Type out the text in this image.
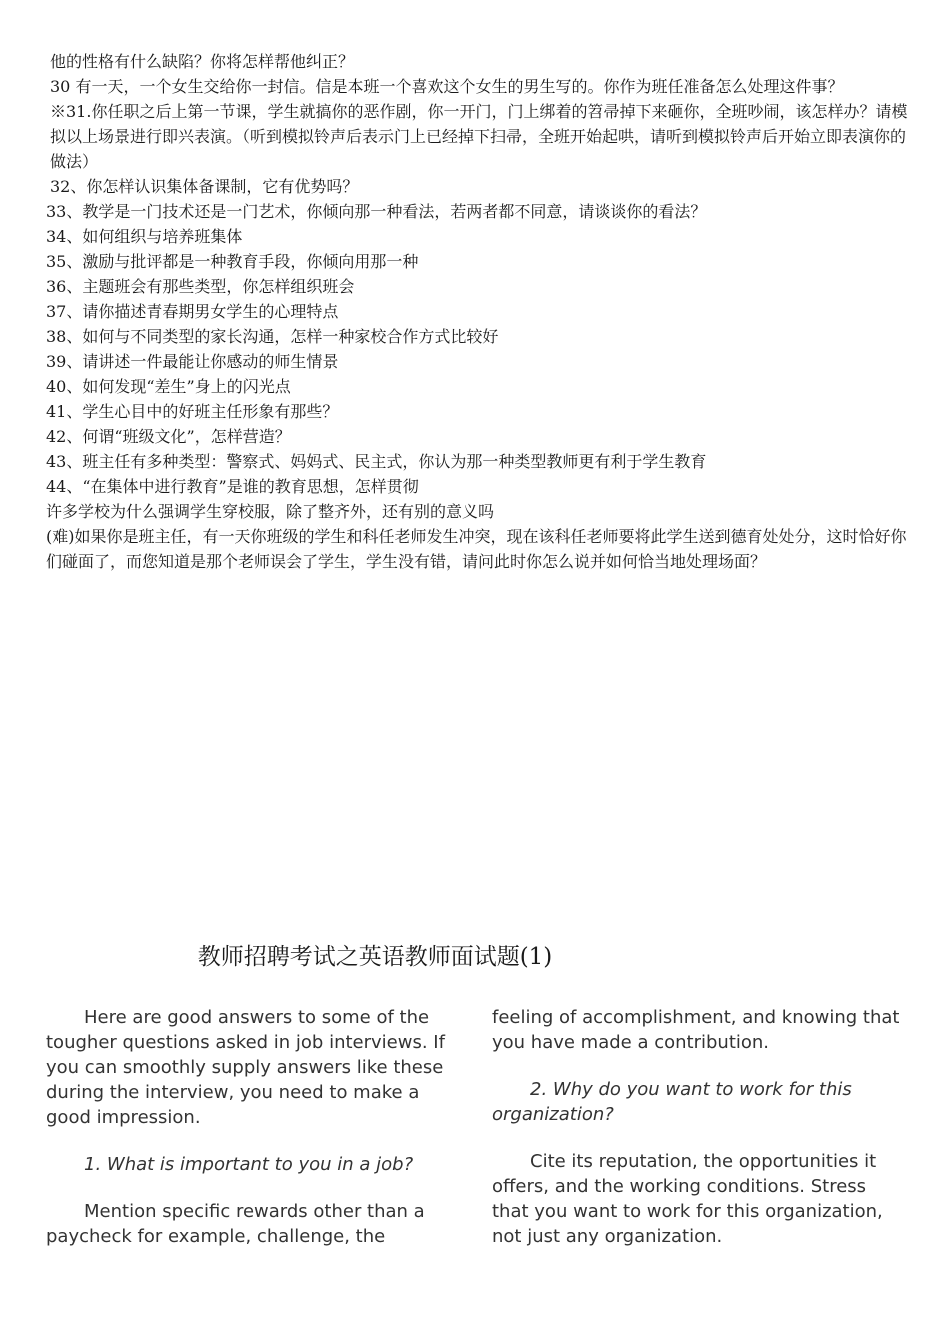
他的性格有什么缺陷？你将怎样帮他纠正？

30 有一天，一个女生交给你一封信。信是本班一个喜欢这个女生的男生写的。你作为班任准备怎么处理这件事？

※31.你任职之后上第一节课，学生就搞你的恶作剧，你一开门，门上绑着的笤帚掉下来砸你，全班吵闹，该怎样办？请模拟以上场景进行即兴表演。（听到模拟铃声后表示门上已经掉下扫帚，全班开始起哄，请听到模拟铃声后开始立即表演你的做法）

32、你怎样认识集体备课制，它有优势吗？

33、教学是一门技术还是一门艺术，你倾向那一种看法，若两者都不同意，请谈谈你的看法？

34、如何组织与培养班集体

35、激励与批评都是一种教育手段，你倾向用那一种

36、主题班会有那些类型，你怎样组织班会

37、请你描述青春期男女学生的心理特点

38、如何与不同类型的家长沟通，怎样一种家校合作方式比较好

39、请讲述一件最能让你感动的师生情景

40、如何发现“差生”身上的闪光点

41、学生心目中的好班主任形象有那些？

42、何谓“班级文化”，怎样营造？

43、班主任有多种类型：警察式、妈妈式、民主式，你认为那一种类型教师更有利于学生教育

44、“在集体中进行教育”是谁的教育思想，怎样贯彻

许多学校为什么强调学生穿校服，除了整齐外，还有别的意义吗

(难)如果你是班主任，有一天你班级的学生和科任老师发生冲突，现在该科任老师要将此学生送到德育处处分，这时恰好你们碰面了，而您知道是那个老师误会了学生，学生没有错，请问此时你怎么说并如何恰当地处理场面？

教师招聘考试之英语教师面试题(1)

Here are good answers to some of the tougher questions asked in job interviews. If you can smoothly supply answers like these during the interview, you need to make a good impression.

1. What is important to you in a job?

Mention specific rewards other than a paycheck for example, challenge, the

feeling of accomplishment, and knowing that you have made a contribution.

2. Why do you want to work for this organization?

Cite its reputation, the opportunities it offers, and the working conditions. Stress that you want to work for this organization, not just any organization.
